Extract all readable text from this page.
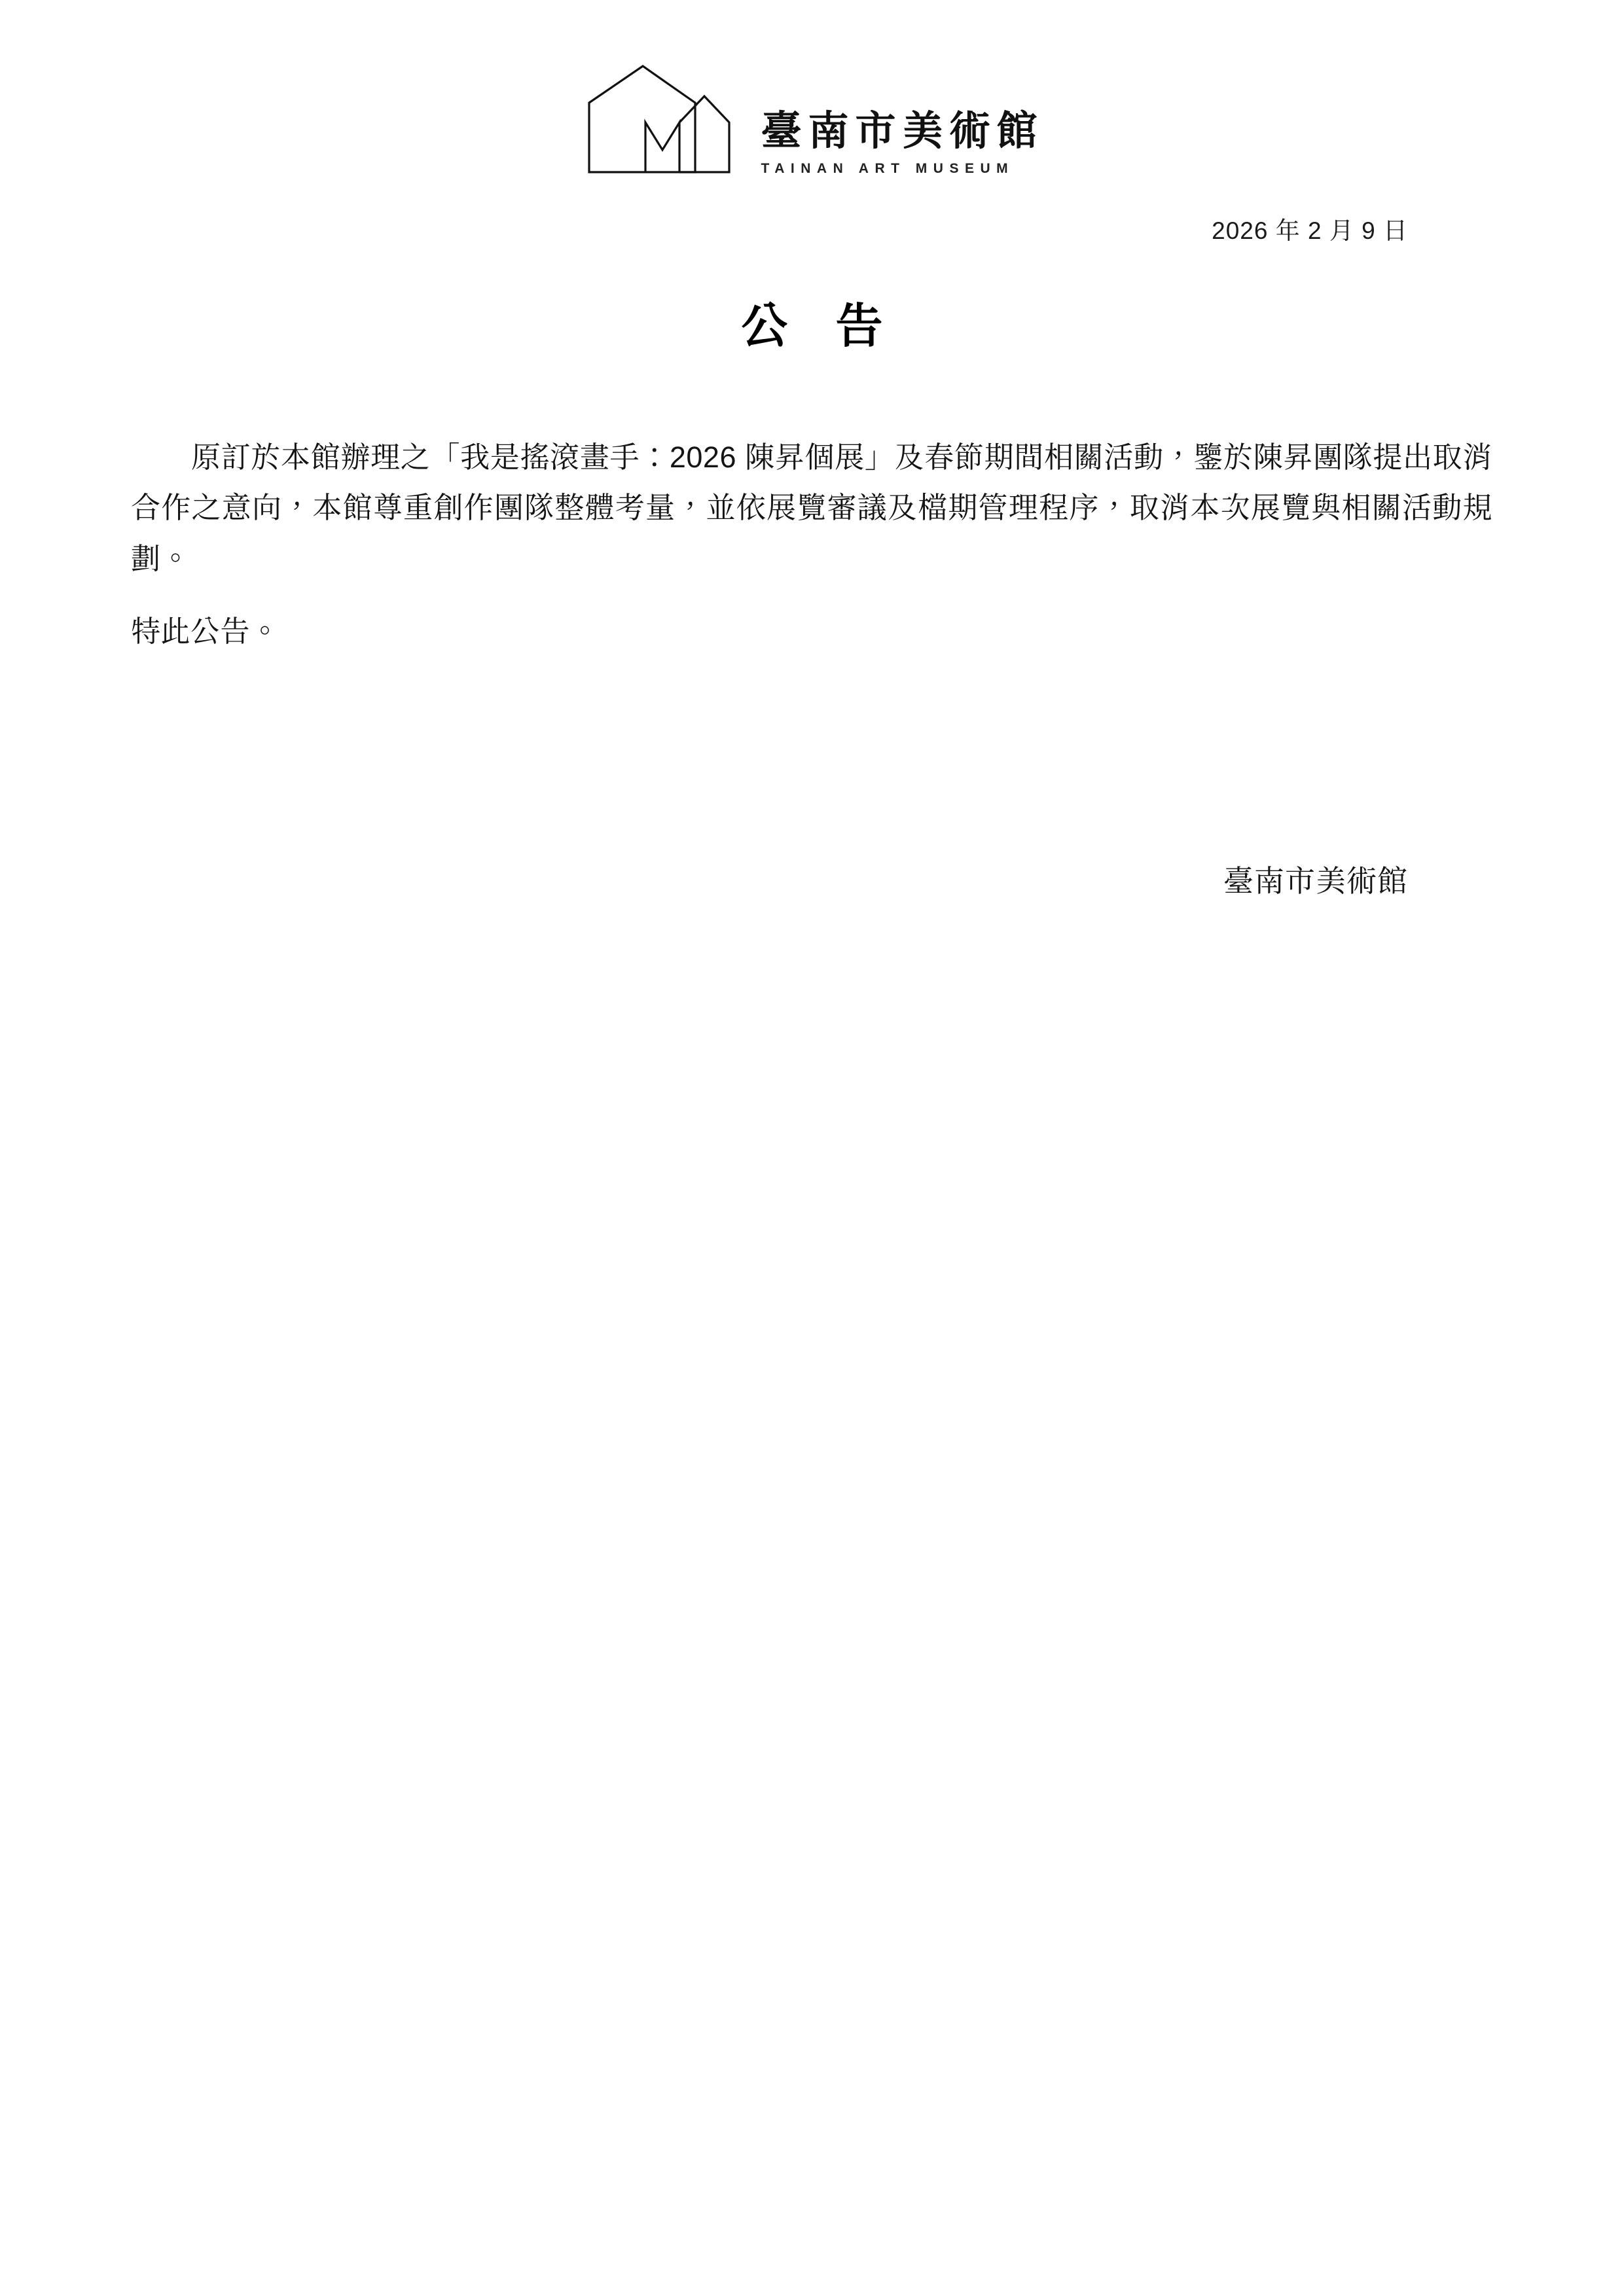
臺南市美術館
TAINAN ART MUSEUM
2026 年 2 月 9 日
公 告

原訂於本館辦理之「我是搖滾畫手：2026 陳昇個展」及春節期間相關活動，鑒於陳昇團隊提出取消合作之意向，本館尊重創作團隊整體考量，並依展覽審議及檔期管理程序，取消本次展覽與相關活動規劃。

特此公告。

臺南市美術館
